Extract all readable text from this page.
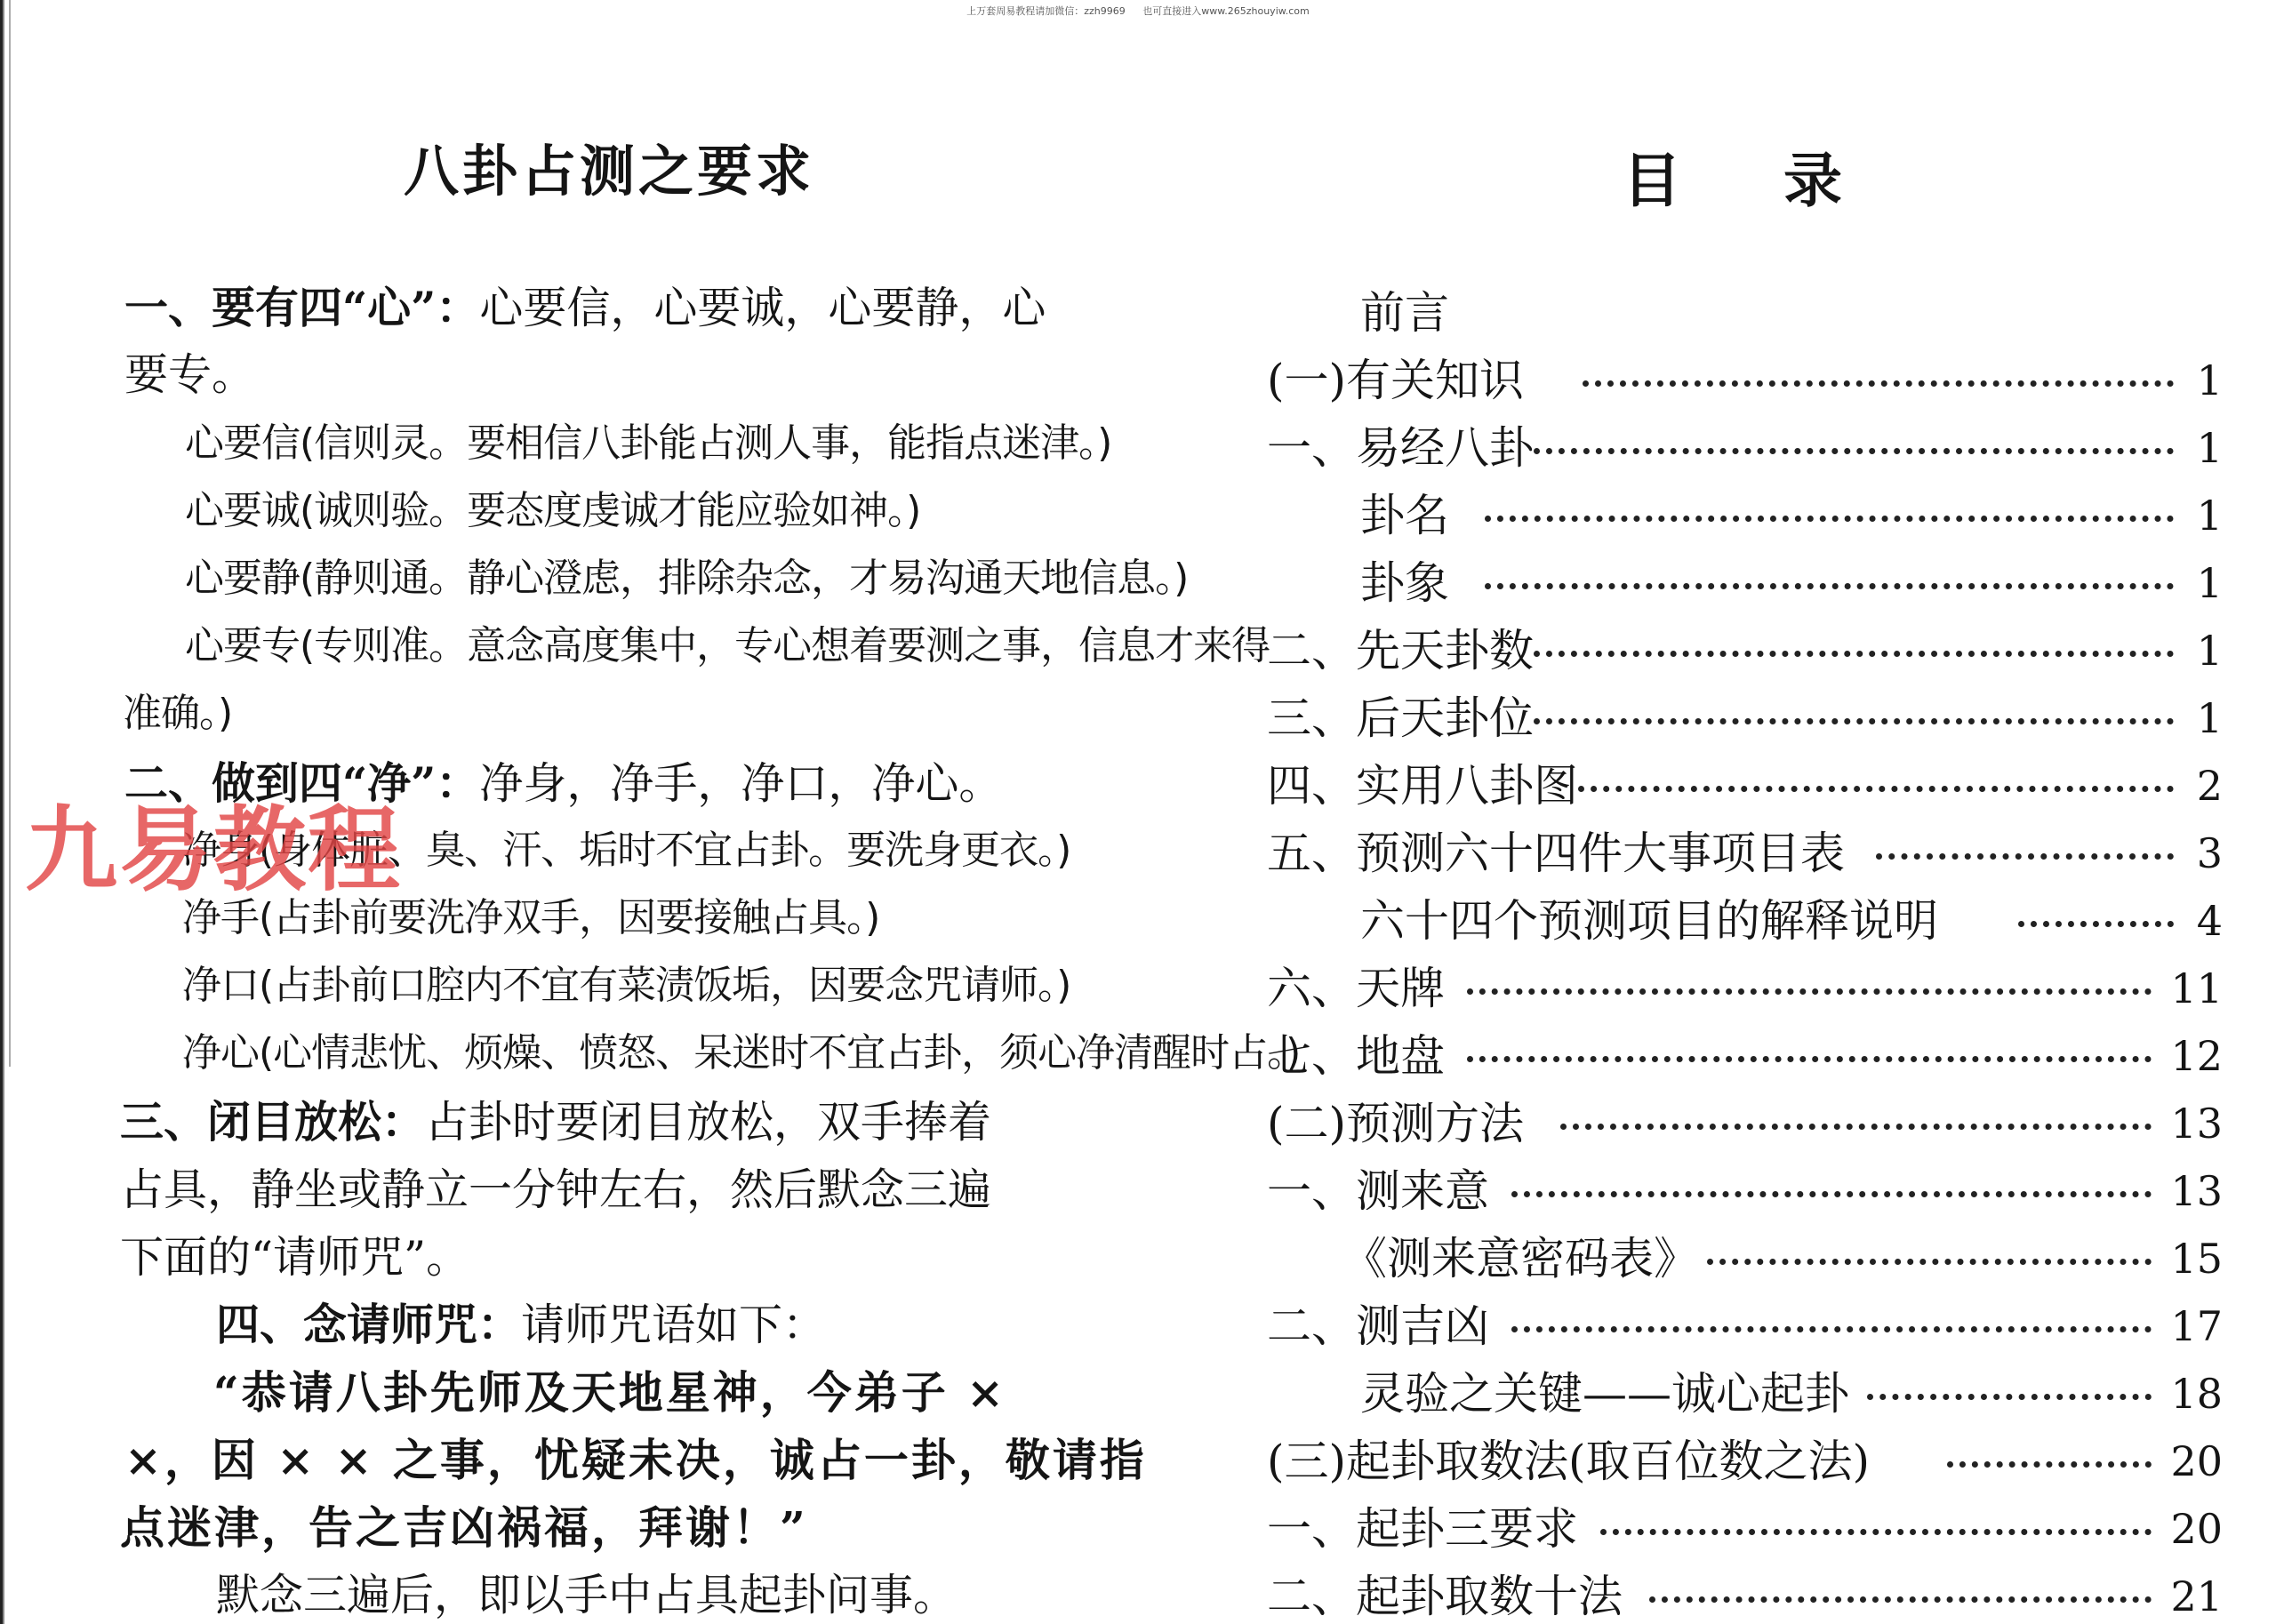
上万套周易教程请加微信：zzh9969 也可直接进入www.265zhouyiw.com
八卦占测之要求
一、要有四“心”：心要信，心要诚，心要静，心
要专。
心要信(信则灵。要相信八卦能占测人事，能指点迷津。)
心要诚(诚则验。要态度虔诚才能应验如神。)
心要静(静则通。静心澄虑，排除杂念，才易沟通天地信息。)
心要专(专则准。意念高度集中，专心想着要测之事，信息才来得
准确。)
二、做到四“净”：净身，净手，净口，净心。
净身(身体脏、臭、汗、垢时不宜占卦。要洗身更衣。)
净手(占卦前要洗净双手，因要接触占具。)
净口(占卦前口腔内不宜有菜渍饭垢，因要念咒请师。)
净心(心情悲忧、烦燥、愤怒、呆迷时不宜占卦，须心净清醒时占。)
三、闭目放松：占卦时要闭目放松，双手捧着
占具，静坐或静立一分钟左右，然后默念三遍
下面的“请师咒”。
四、念请师咒：请师咒语如下：
“恭请八卦先师及天地星神，今弟子 ×
×，因 × × 之事，忧疑未决，诚占一卦，敬请指
点迷津，告之吉凶祸福，拜谢！”
默念三遍后，即以手中占具起卦问事。
九易教程
目 录
前言
(一)有关知识	1
一、易经八卦	1
卦名	1
卦象	1
二、先天卦数	1
三、后天卦位	1
四、实用八卦图	2
五、预测六十四件大事项目表	3
六十四个预测项目的解释说明	4
六、天牌	11
七、地盘	12
(二)预测方法	13
一、测来意	13
《测来意密码表》	15
二、测吉凶	17
灵验之关键——诚心起卦	18
(三)起卦取数法(取百位数之法)	20
一、起卦三要求	20
二、起卦取数十法	21
